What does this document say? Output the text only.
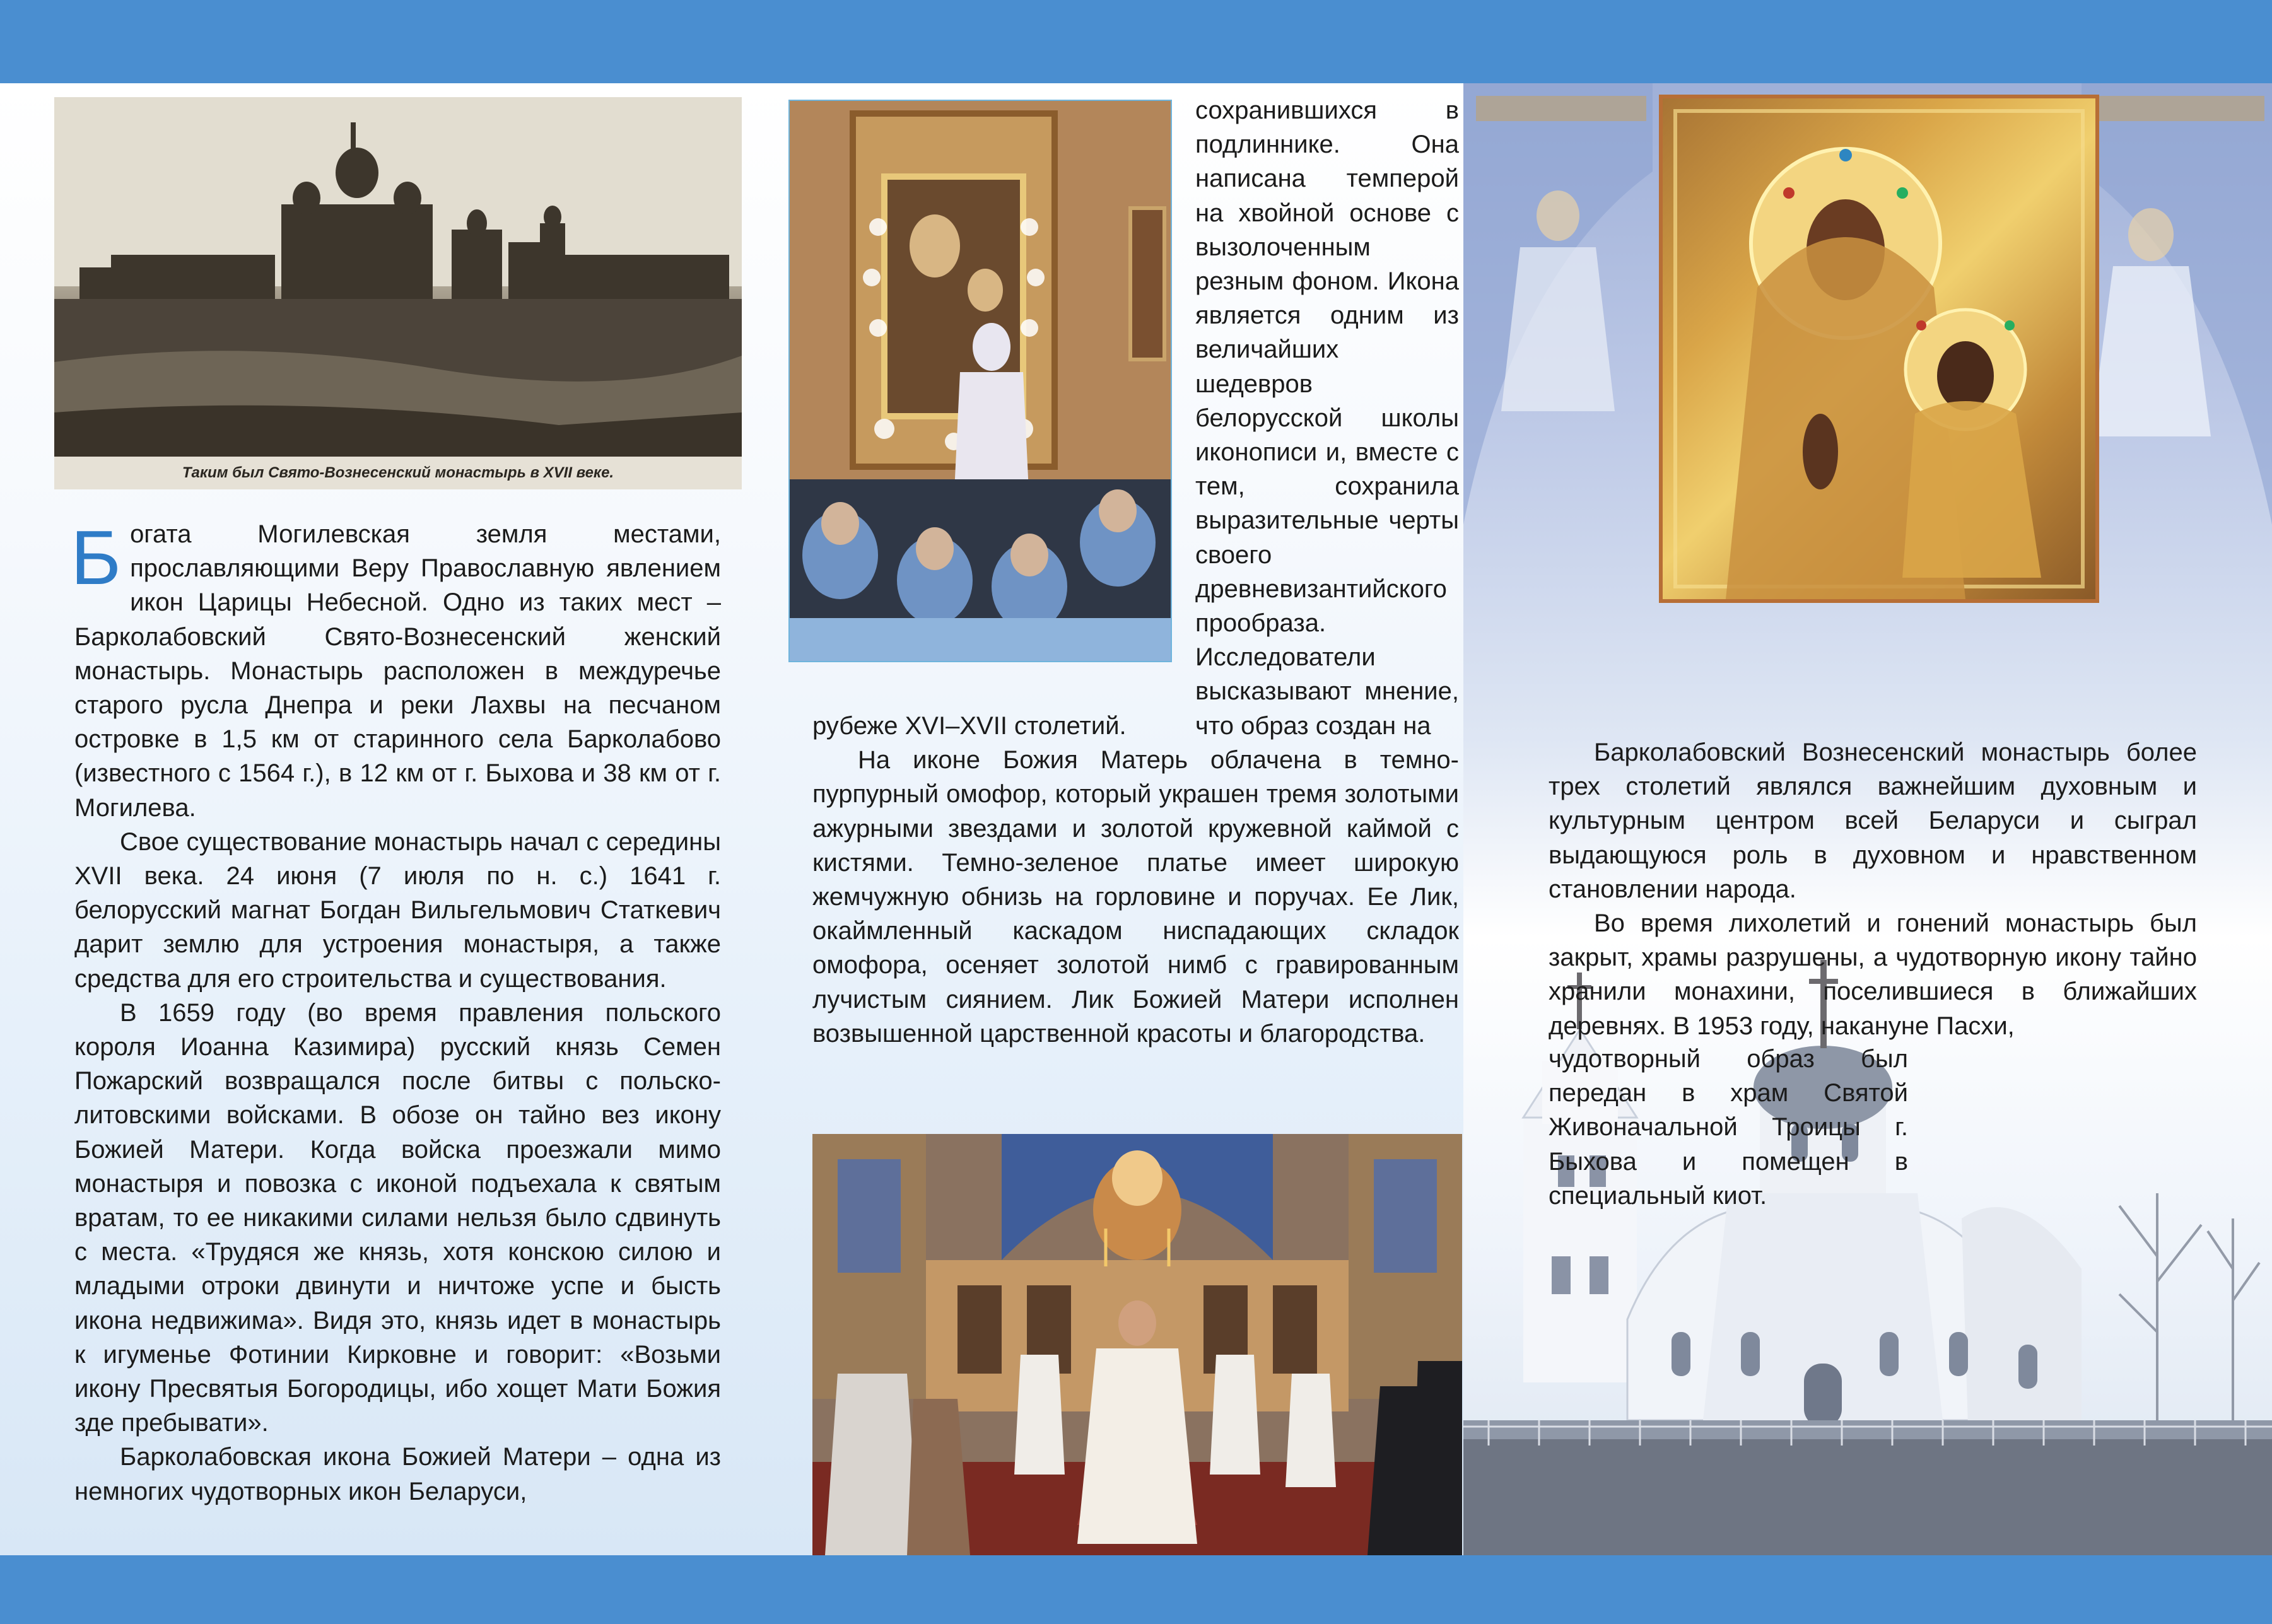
Таким был Свято-Вознесенский монастырь в XVII веке.

Богата Могилевская земля местами, прославляющими Веру Православную явлением икон Царицы Небесной. Одно из таких мест – Барколабовский Свято-Вознесенский женский монастырь. Монастырь расположен в междуречье старого русла Днепра и реки Лахвы на песчаном островке в 1,5 км от старинного села Барколабово (известного с 1564 г.), в 12 км от г. Быхова и 38 км от г. Могилева.

Свое существование монастырь начал с середины XVII века. 24 июня (7 июля по н. с.) 1641 г. белорусский магнат Богдан Вильгельмович Статкевич дарит землю для устроения монастыря, а также средства для его строительства и существования.

В 1659 году (во время правления польского короля Иоанна Казимира) русский князь Семен Пожарский возвращался после битвы с польско-литовскими войсками. В обозе он тайно вез икону Божией Матери. Когда войска проезжали мимо монастыря и повозка с иконой подъехала к святым вратам, то ее никакими силами нельзя было сдвинуть с места. «Трудяся же князь, хотя конскою силою и младыми отроки двинути и ничтоже успе и бысть икона недвижима». Видя это, князь идет в монастырь к игуменье Фотинии Кирковне и говорит: «Возьми икону Пресвятыя Богородицы, ибо хощет Мати Божия зде пребывати».

Барколабовская икона Божией Матери – одна из немногих чудотворных икон Беларуси,

сохранившихся в подлиннике. Она написана темперой на хвойной основе с вызолоченным резным фоном. Икона является одним из величайших шедевров белорусской школы иконописи и, вместе с тем, сохранила выразительные черты своего древневизантийского прообраза. Исследователи высказывают мнение, что образ создан на

рубеже XVI–XVII столетий.

На иконе Божия Матерь облачена в темно-пурпурный омофор, который украшен тремя золотыми ажурными звездами и золотой кружевной каймой с кистями. Темно-зеленое платье имеет широкую жемчужную обнизь на горловине и поручах. Ее Лик, окаймленный каскадом ниспадающих складок омофора, осеняет золотой нимб с гравированным лучистым сиянием. Лик Божией Матери исполнен возвышенной царственной красоты и благородства.

Барколабовский Вознесенский монастырь более трех столетий являлся важнейшим духовным и культурным центром всей Беларуси и сыграл выдающуюся роль в духовном и нравственном становлении народа.

Во время лихолетий и гонений монастырь был закрыт, храмы разрушены, а чудотворную икону тайно хранили монахини, поселившиеся в ближайших деревнях. В 1953 году, накануне Пасхи,

чудотворный образ был передан в храм Святой Живоначальной Троицы г. Быхова и помещен в специальный киот.
